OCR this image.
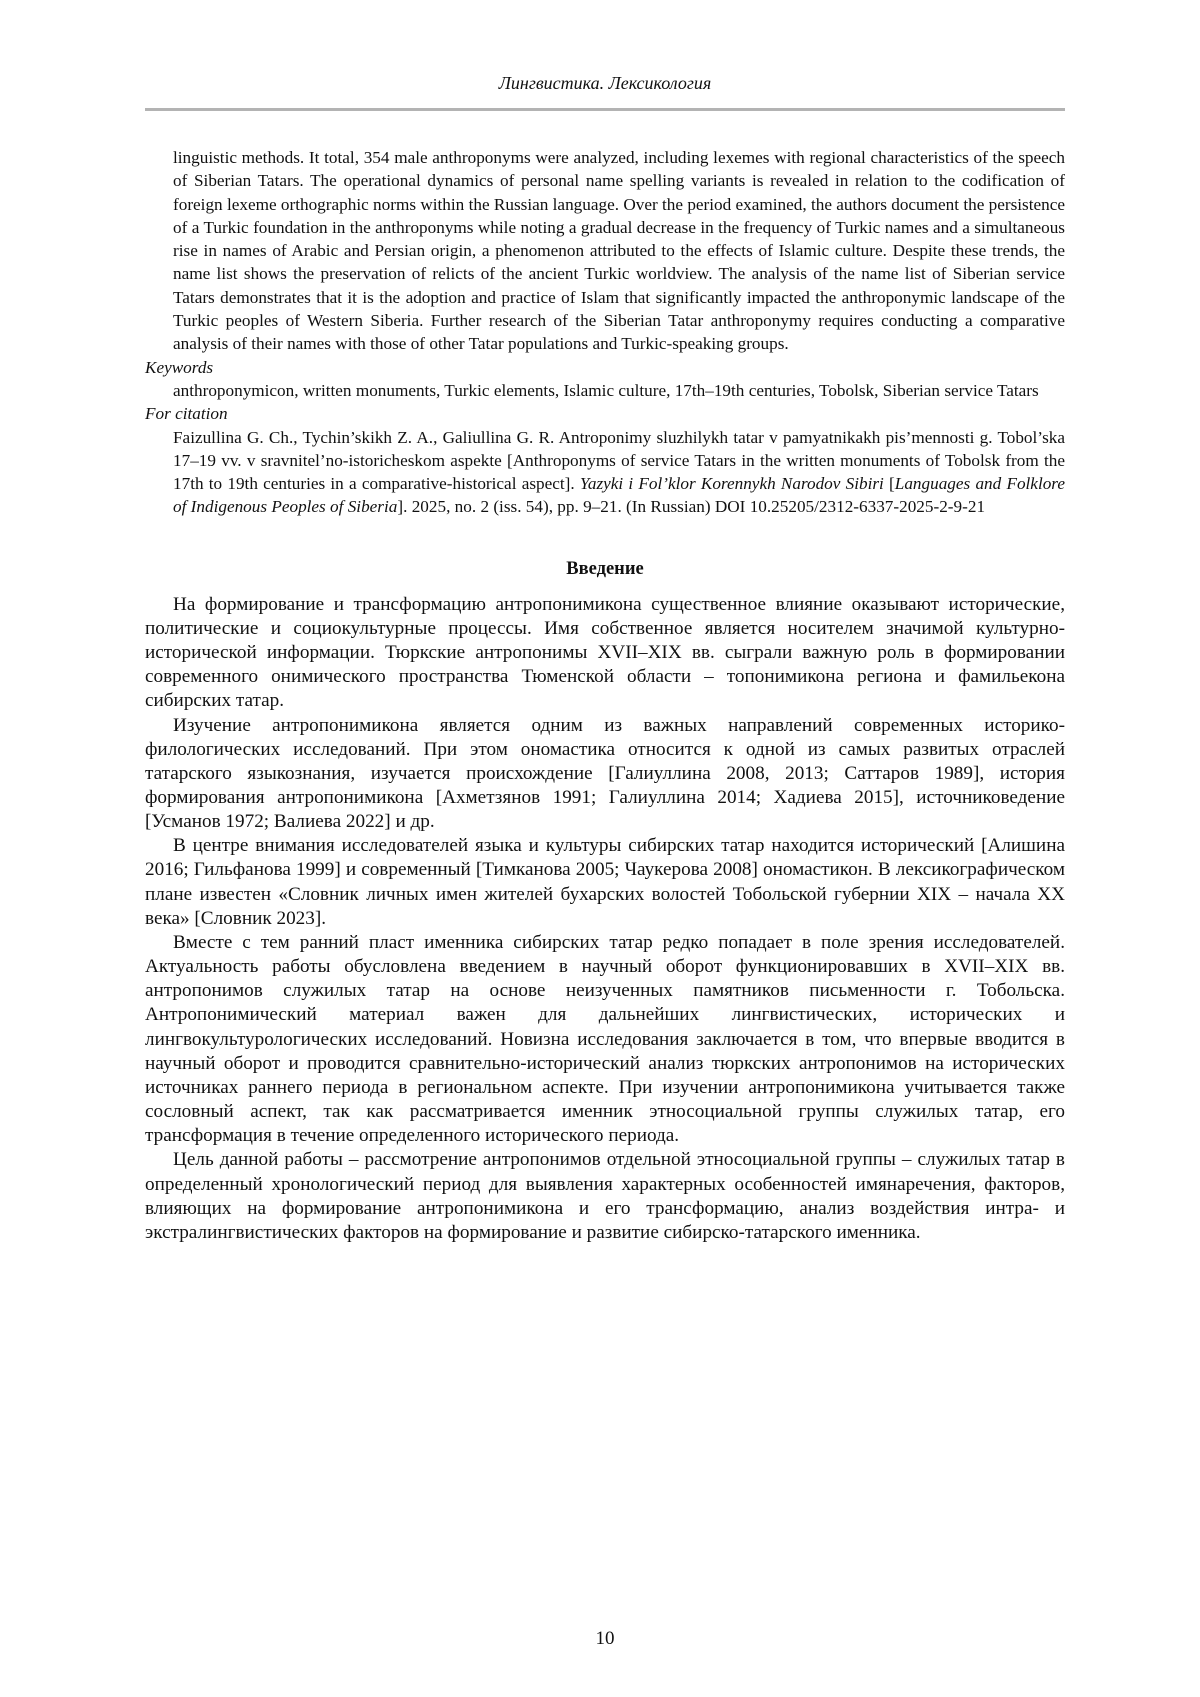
Лингвистика. Лексикология

linguistic methods. It total, 354 male anthroponyms were analyzed, including lexemes with regional characteristics of the speech of Siberian Tatars. The operational dynamics of personal name spelling variants is revealed in relation to the codification of foreign lexeme orthographic norms within the Russian language. Over the period examined, the authors document the persistence of a Turkic foundation in the anthroponyms while noting a gradual decrease in the frequency of Turkic names and a simultaneous rise in names of Arabic and Persian origin, a phenomenon attributed to the effects of Islamic culture. Despite these trends, the name list shows the preservation of relicts of the ancient Turkic worldview. The analysis of the name list of Siberian service Tatars demonstrates that it is the adoption and practice of Islam that significantly impacted the anthroponymic landscape of the Turkic peoples of Western Siberia. Further research of the Siberian Tatar anthroponymy requires conducting a comparative analysis of their names with those of other Tatar populations and Turkic-speaking groups.

Keywords

anthroponymicon, written monuments, Turkic elements, Islamic culture, 17th–19th centuries, Tobolsk, Siberian service Tatars

For citation

Faizullina G. Ch., Tychin’skikh Z. A., Galiullina G. R. Antroponimy sluzhilykh tatar v pamyatnikakh pis’mennosti g. Tobol’ska 17–19 vv. v sravnitel’no-istoricheskom aspekte [Anthroponyms of service Tatars in the written monuments of Tobolsk from the 17th to 19th centuries in a comparative-historical aspect]. Yazyki i Fol’klor Korennykh Narodov Sibiri [Languages and Folklore of Indigenous Peoples of Siberia]. 2025, no. 2 (iss. 54), pp. 9–21. (In Russian) DOI 10.25205/2312-6337-2025-2-9-21

Введение

На формирование и трансформацию антропонимикона существенное влияние оказывают исторические, политические и социокультурные процессы. Имя собственное является носителем значимой культурно-исторической информации. Тюркские антропонимы XVII–XIX вв. сыграли важную роль в формировании современного онимического пространства Тюменской области – топонимикона региона и фамильекона сибирских татар.

Изучение антропонимикона является одним из важных направлений современных историко-филологических исследований. При этом ономастика относится к одной из самых развитых отраслей татарского языкознания, изучается происхождение [Галиуллина 2008, 2013; Саттаров 1989], история формирования антропонимикона [Ахметзянов 1991; Галиуллина 2014; Хадиева 2015], источниковедение [Усманов 1972; Валиева 2022] и др.

В центре внимания исследователей языка и культуры сибирских татар находится исторический [Алишина 2016; Гильфанова 1999] и современный [Тимканова 2005; Чаукерова 2008] ономастикон. В лексикографическом плане известен «Словник личных имен жителей бухарских волостей Тобольской губернии XIX – начала XX века» [Словник 2023].

Вместе с тем ранний пласт именника сибирских татар редко попадает в поле зрения исследователей. Актуальность работы обусловлена введением в научный оборот функционировавших в XVII–XIX вв. антропонимов служилых татар на основе неизученных памятников письменности г. Тобольска. Антропонимический материал важен для дальнейших лингвистических, исторических и лингвокультурологических исследований. Новизна исследования заключается в том, что впервые вводится в научный оборот и проводится сравнительно-исторический анализ тюркских антропонимов на исторических источниках раннего периода в региональном аспекте. При изучении антропонимикона учитывается также сословный аспект, так как рассматривается именник этносоциальной группы служилых татар, его трансформация в течение определенного исторического периода.

Цель данной работы – рассмотрение антропонимов отдельной этносоциальной группы – служилых татар в определенный хронологический период для выявления характерных особенностей имянаречения, факторов, влияющих на формирование антропонимикона и его трансформацию, анализ воздействия интра- и экстралингвистических факторов на формирование и развитие сибирско-татарского именника.

10
